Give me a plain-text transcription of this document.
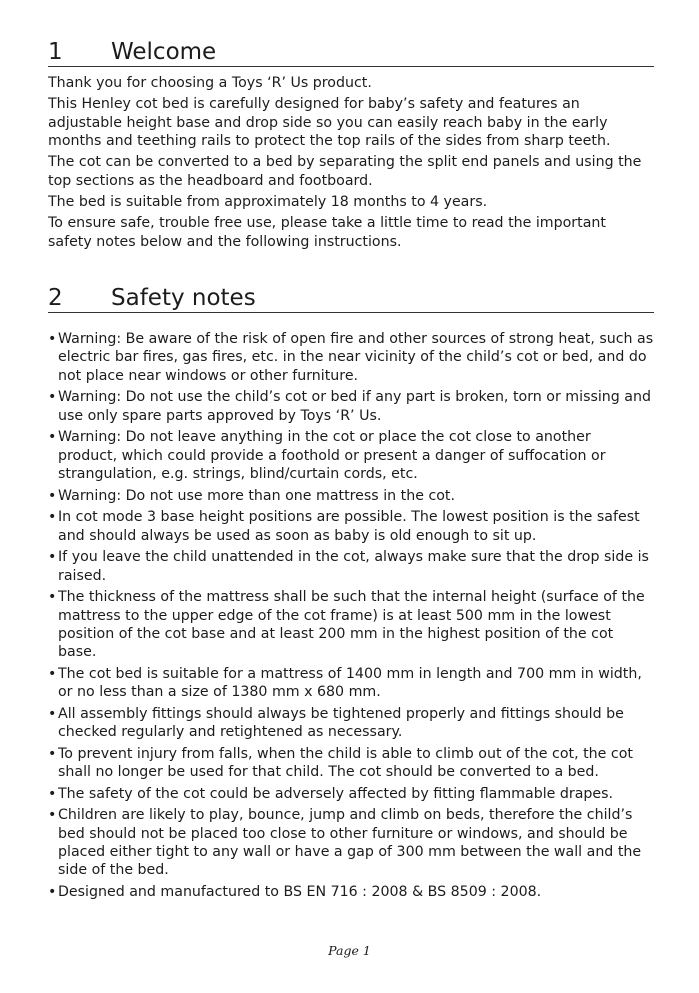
1 Welcome

Thank you for choosing a Toys ‘R’ Us product.

This Henley cot bed is carefully designed for baby’s safety and features an adjustable height base and drop side so you can easily reach baby in the early months and teething rails to protect the top rails of the sides from sharp teeth.

The cot can be converted to a bed by separating the split end panels and using the top sections as the headboard and footboard.

The bed is suitable from approximately 18 months to 4 years.

To ensure safe, trouble free use, please take a little time to read the important safety notes below and the following instructions.

2 Safety notes
• Warning: Be aware of the risk of open fire and other sources of strong heat, such as electric bar fires, gas fires, etc. in the near vicinity of the child’s cot or bed, and do not place near windows or other furniture.
• Warning: Do not use the child’s cot or bed if any part is broken, torn or missing and use only spare parts approved by Toys ‘R’ Us.
• Warning: Do not leave anything in the cot or place the cot close to another product, which could provide a foothold or present a danger of suffocation or strangulation, e.g. strings, blind/curtain cords, etc.
• Warning: Do not use more than one mattress in the cot.
• In cot mode 3 base height positions are possible. The lowest position is the safest and should always be used as soon as baby is old enough to sit up.
• If you leave the child unattended in the cot, always make sure that the drop side is raised.
• The thickness of the mattress shall be such that the internal height (surface of the mattress to the upper edge of the cot frame) is at least 500 mm in the lowest position of the cot base and at least 200 mm in the highest position of the cot base.
• The cot bed is suitable for a mattress of 1400 mm in length and 700 mm in width, or no less than a size of 1380 mm x 680 mm.
• All assembly fittings should always be tightened properly and fittings should be checked regularly and retightened as necessary.
• To prevent injury from falls, when the child is able to climb out of the cot, the cot shall no longer be used for that child. The cot should be converted to a bed.
• The safety of the cot could be adversely affected by fitting flammable drapes.
• Children are likely to play, bounce, jump and climb on beds, therefore the child’s bed should not be placed too close to other furniture or windows, and should be placed either tight to any wall or have a gap of 300 mm between the wall and the side of the bed.
• Designed and manufactured to BS EN 716 : 2008 & BS 8509 : 2008.
Page 1
